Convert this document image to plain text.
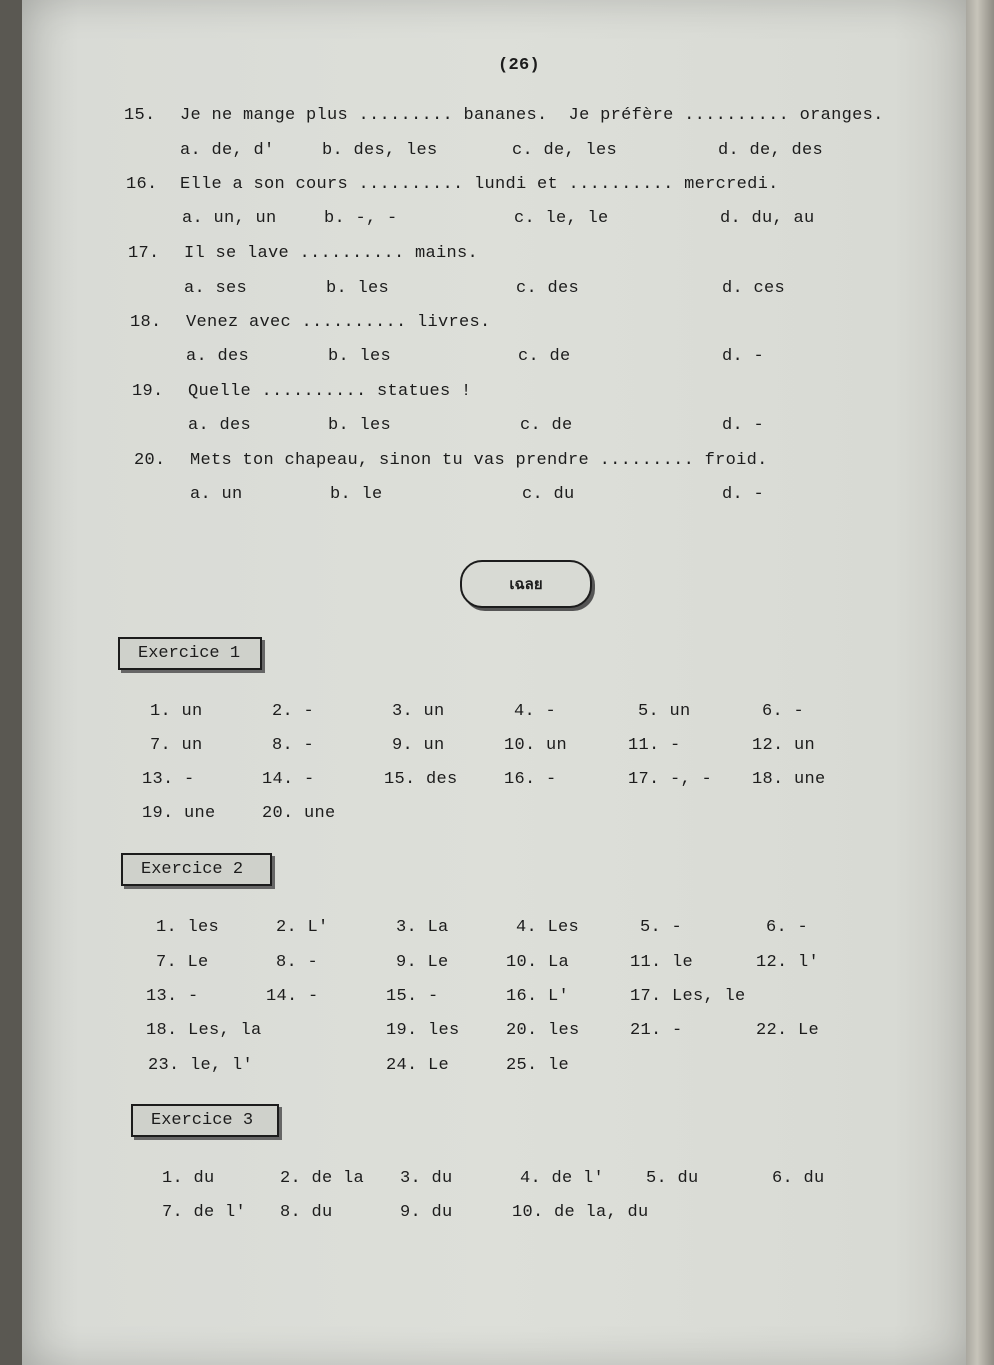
(26)
15. Je ne mange plus ......... bananes.  Je préfère .......... oranges.
a. de, d'	b. des, les	c. de, les	d. de, des
16. Elle a son cours .......... lundi et .......... mercredi.
a. un, un	b. -, -	c. le, le	d. du, au
17. Il se lave .......... mains.
a. ses	b. les	c. des	d. ces
18. Venez avec .......... livres.
a. des	b. les	c. de	d. -
19. Quelle .......... statues !
a. des	b. les	c. de	d. -
20. Mets ton chapeau, sinon tu vas prendre ......... froid.
a. un	b. le	c. du	d. -
เฉลย
Exercice 1
1. un	2. -	3. un	4. -	5. un	6. -
7. un	8. -	9. un	10. un	11. -	12. un
13. -	14. -	15. des	16. -	17. -, - 18. une
19. une	20. une
Exercice 2
1. les	2. L'	3. La	4. Les	5. -	6. -
7. Le	8. -	9. Le	10. La	11. le	12. l'
13. -	14. -	15. -	16. L'	17. Les, le
18. Les, la	19. les	20. les	21. -	22. Le
23. le, l'	24. Le	25. le
Exercice 3
1. du	2. de la 3. du	4. de l' 5. du	6. du
7. de l' 8. du	9. du	10. de la, du
